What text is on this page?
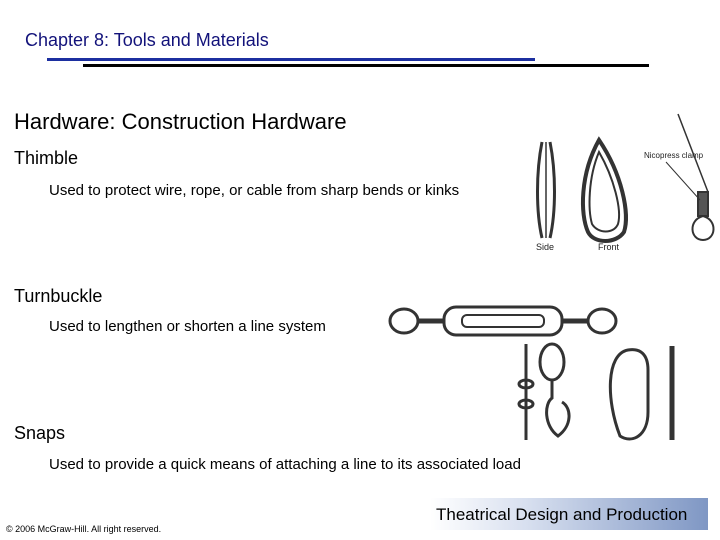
Chapter 8: Tools and Materials
Hardware: Construction Hardware
Thimble
Used to protect wire, rope, or cable from sharp bends or kinks
Turnbuckle
Used to lengthen or shorten a line system
Snaps
Used to provide a quick means of attaching a line to its associated load
Side	Front
Nicopress clamp
Theatrical Design and Production
© 2006 McGraw-Hill. All right reserved.
